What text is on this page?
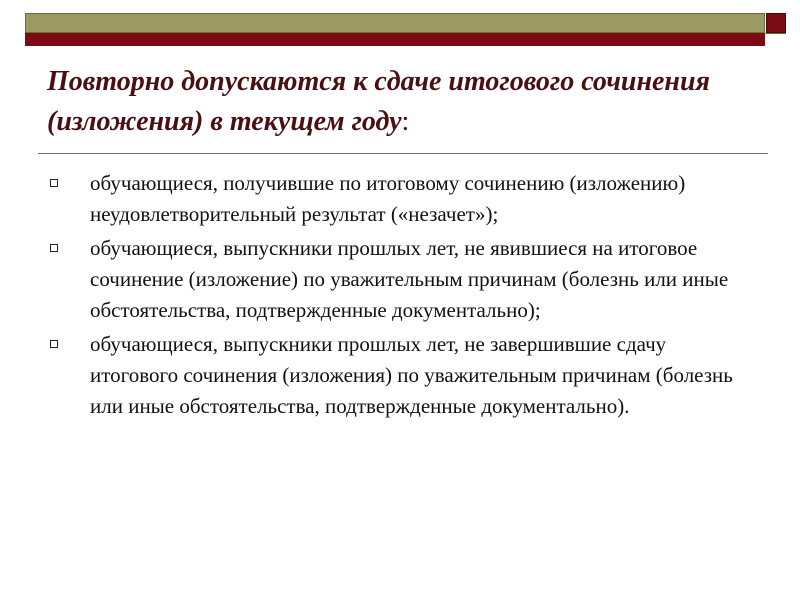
Повторно допускаются к сдаче итогового сочинения (изложения) в текущем году:
обучающиеся, получившие по итоговому сочинению (изложению) неудовлетворительный результат («незачет»);
обучающиеся, выпускники прошлых лет, не явившиеся на итоговое сочинение (изложение) по уважительным причинам (болезнь или иные обстоятельства, подтвержденные документально);
обучающиеся, выпускники прошлых лет, не завершившие сдачу итогового сочинения (изложения) по уважительным причинам (болезнь или иные обстоятельства, подтвержденные документально).
